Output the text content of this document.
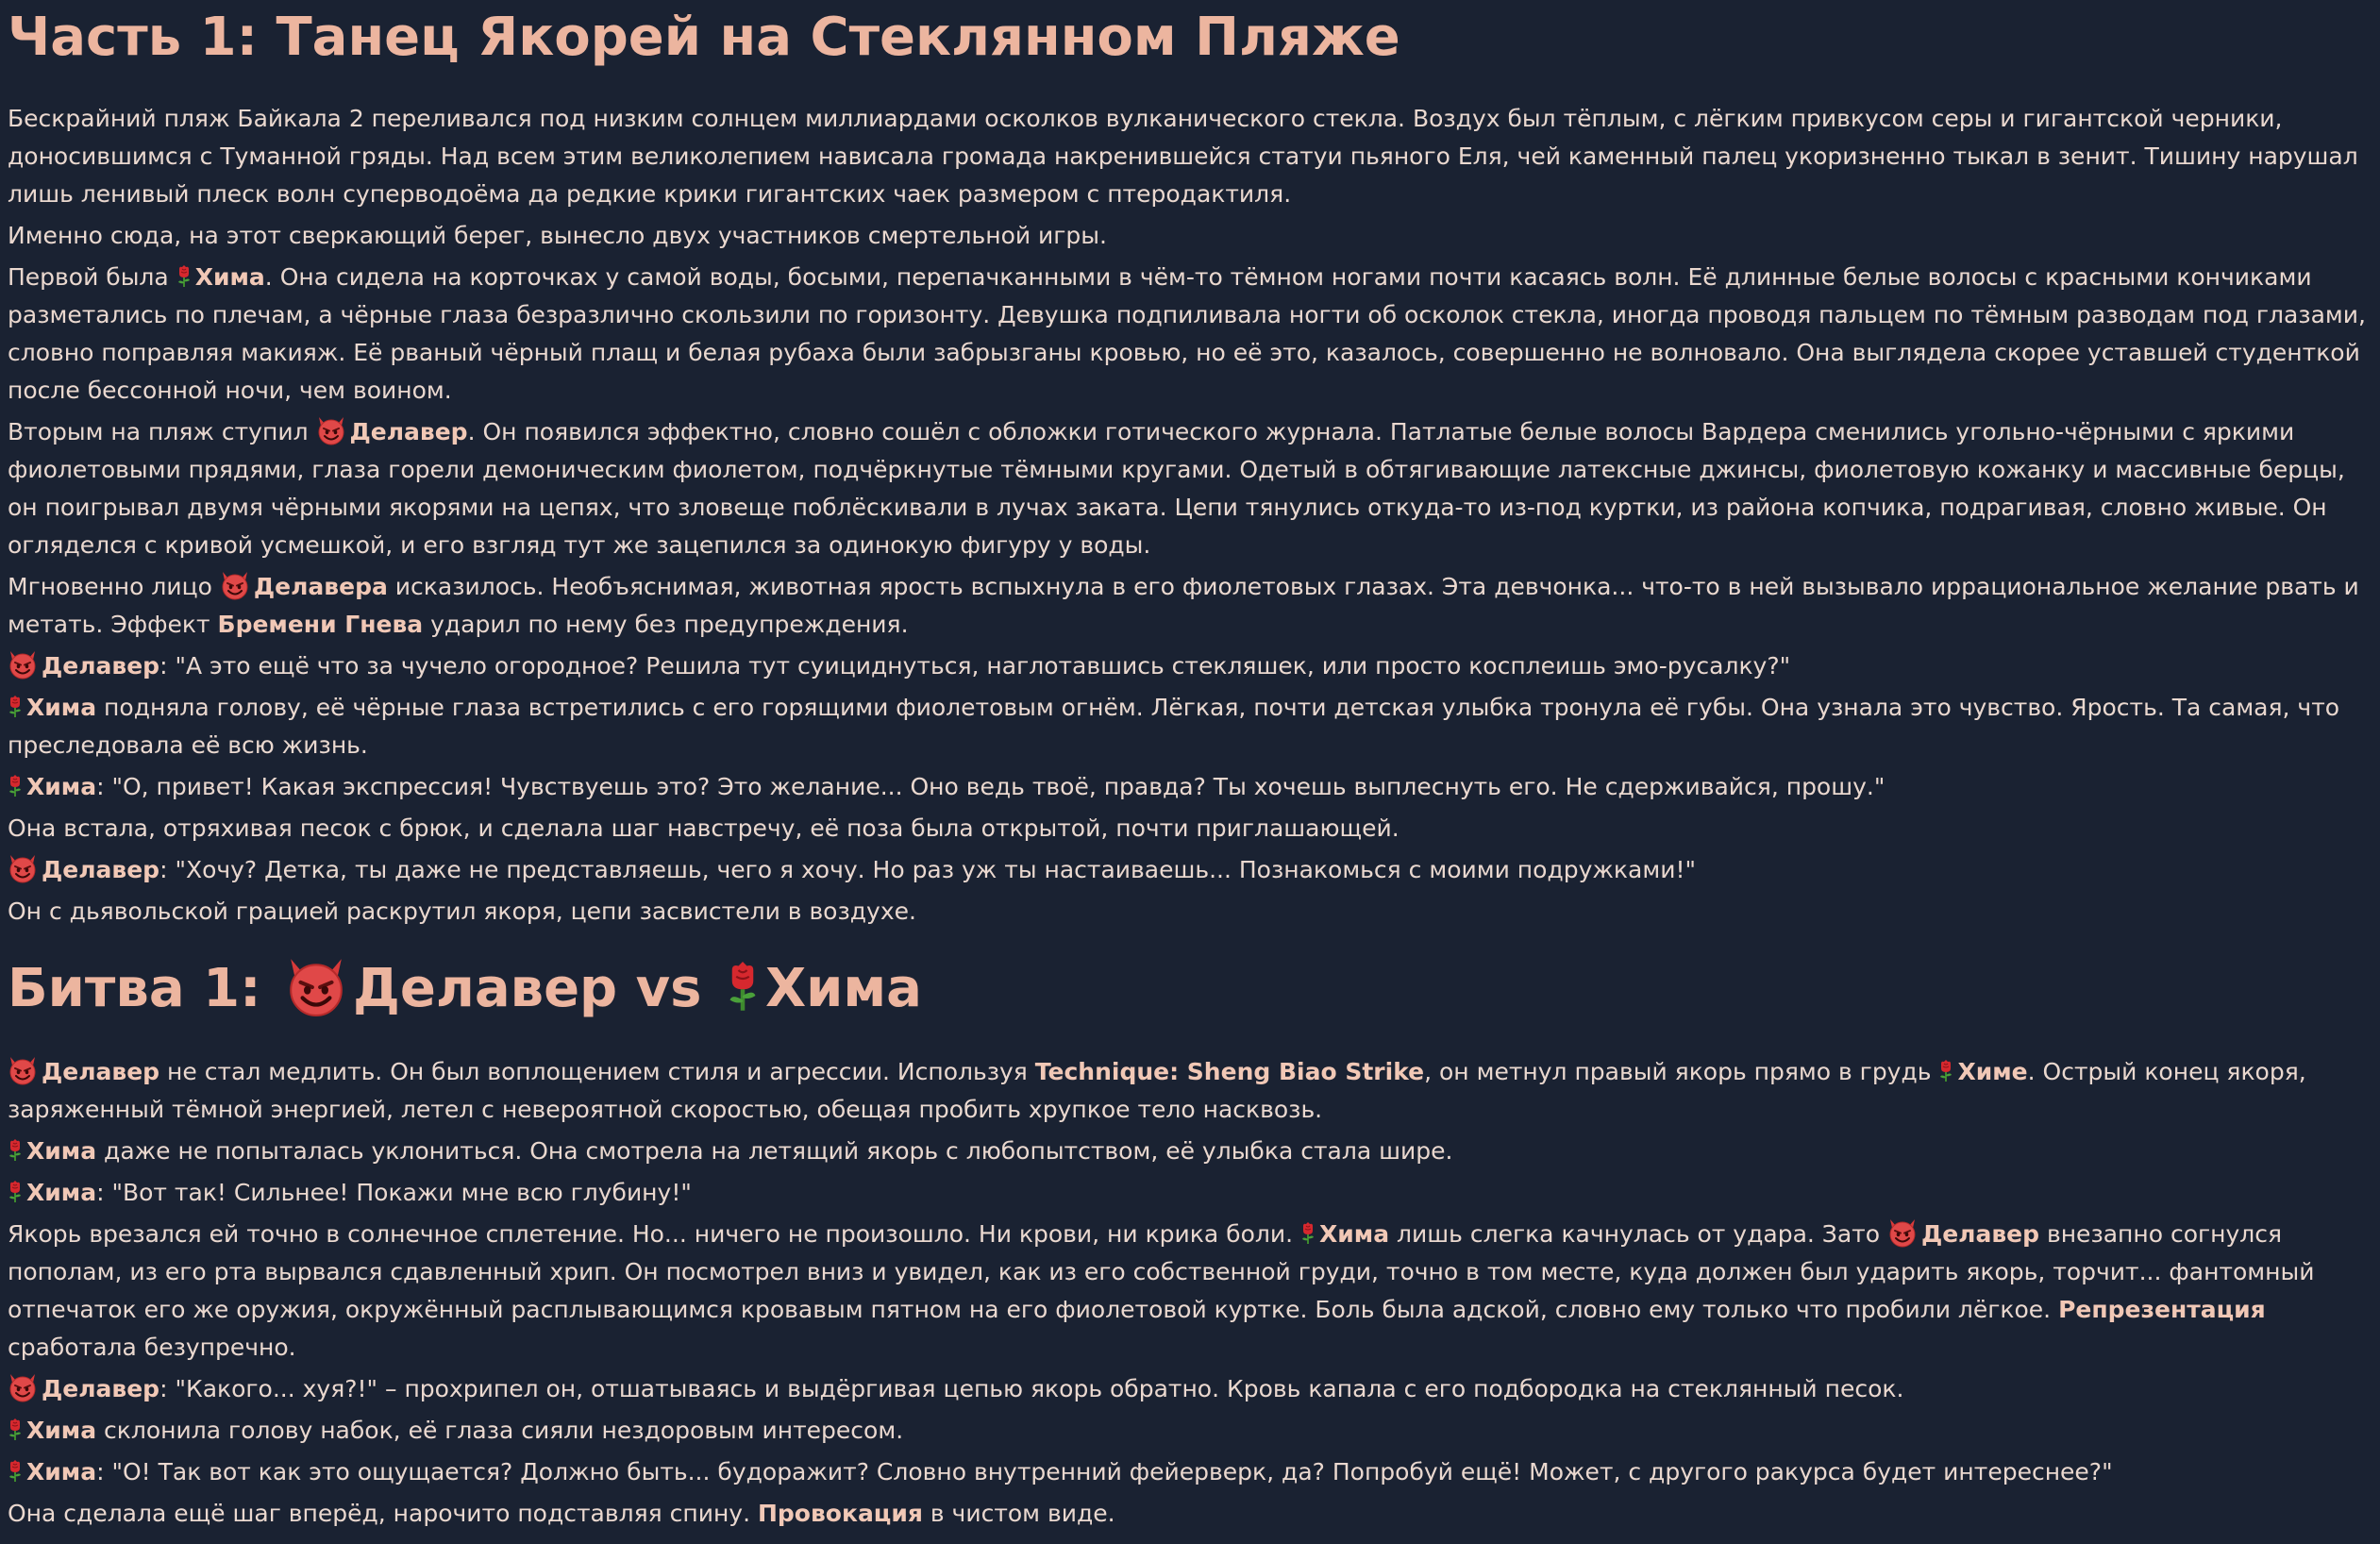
Часть 1: Танец Якорей на Стеклянном Пляже

Бескрайний пляж Байкала 2 переливался под низким солнцем миллиардами осколков вулканического стекла. Воздух был тёплым, с лёгким привкусом серы и гигантской черники, доносившимся с Туманной гряды. Над всем этим великолепием нависала громада накренившейся статуи пьяного Еля, чей каменный палец укоризненно тыкал в зенит. Тишину нарушал лишь ленивый плеск волн суперводоёма да редкие крики гигантских чаек размером с птеродактиля.

Именно сюда, на этот сверкающий берег, вынесло двух участников смертельной игры.

Первой была Хима. Она сидела на корточках у самой воды, босыми, перепачканными в чём-то тёмном ногами почти касаясь волн. Её длинные белые волосы с красными кончиками разметались по плечам, а чёрные глаза безразлично скользили по горизонту. Девушка подпиливала ногти об осколок стекла, иногда проводя пальцем по тёмным разводам под глазами, словно поправляя макияж. Её рваный чёрный плащ и белая рубаха были забрызганы кровью, но её это, казалось, совершенно не волновало. Она выглядела скорее уставшей студенткой после бессонной ночи, чем воином.

Вторым на пляж ступил Делавер. Он появился эффектно, словно сошёл с обложки готического журнала. Патлатые белые волосы Вардера сменились угольно-чёрными с яркими фиолетовыми прядями, глаза горели демоническим фиолетом, подчёркнутые тёмными кругами. Одетый в обтягивающие латексные джинсы, фиолетовую кожанку и массивные берцы, он поигрывал двумя чёрными якорями на цепях, что зловеще поблёскивали в лучах заката. Цепи тянулись откуда-то из-под куртки, из района копчика, подрагивая, словно живые. Он огляделся с кривой усмешкой, и его взгляд тут же зацепился за одинокую фигуру у воды.

Мгновенно лицо Делавера исказилось. Необъяснимая, животная ярость вспыхнула в его фиолетовых глазах. Эта девчонка... что-то в ней вызывало иррациональное желание рвать и метать. Эффект Бремени Гнева ударил по нему без предупреждения.

Делавер: "А это ещё что за чучело огородное? Решила тут суициднуться, наглотавшись стекляшек, или просто косплеишь эмо-русалку?"

Хима подняла голову, её чёрные глаза встретились с его горящими фиолетовым огнём. Лёгкая, почти детская улыбка тронула её губы. Она узнала это чувство. Ярость. Та самая, что преследовала её всю жизнь.

Хима: "О, привет! Какая экспрессия! Чувствуешь это? Это желание... Оно ведь твоё, правда? Ты хочешь выплеснуть его. Не сдерживайся, прошу."

Она встала, отряхивая песок с брюк, и сделала шаг навстречу, её поза была открытой, почти приглашающей.

Делавер: "Хочу? Детка, ты даже не представляешь, чего я хочу. Но раз уж ты настаиваешь... Познакомься с моими подружками!"

Он с дьявольской грацией раскрутил якоря, цепи засвистели в воздухе.

Битва 1: Делавер vs Хима

Делавер не стал медлить. Он был воплощением стиля и агрессии. Используя Technique: Sheng Biao Strike, он метнул правый якорь прямо в грудь Химе. Острый конец якоря, заряженный тёмной энергией, летел с невероятной скоростью, обещая пробить хрупкое тело насквозь.

Хима даже не попыталась уклониться. Она смотрела на летящий якорь с любопытством, её улыбка стала шире.

Хима: "Вот так! Сильнее! Покажи мне всю глубину!"

Якорь врезался ей точно в солнечное сплетение. Но... ничего не произошло. Ни крови, ни крика боли. Хима лишь слегка качнулась от удара. Зато Делавер внезапно согнулся пополам, из его рта вырвался сдавленный хрип. Он посмотрел вниз и увидел, как из его собственной груди, точно в том месте, куда должен был ударить якорь, торчит... фантомный отпечаток его же оружия, окружённый расплывающимся кровавым пятном на его фиолетовой куртке. Боль была адской, словно ему только что пробили лёгкое. Репрезентация сработала безупречно.

Делавер: "Какого... хуя?!" – прохрипел он, отшатываясь и выдёргивая цепью якорь обратно. Кровь капала с его подбородка на стеклянный песок.

Хима склонила голову набок, её глаза сияли нездоровым интересом.

Хима: "О! Так вот как это ощущается? Должно быть... будоражит? Словно внутренний фейерверк, да? Попробуй ещё! Может, с другого ракурса будет интереснее?"

Она сделала ещё шаг вперёд, нарочито подставляя спину. Провокация в чистом виде.
